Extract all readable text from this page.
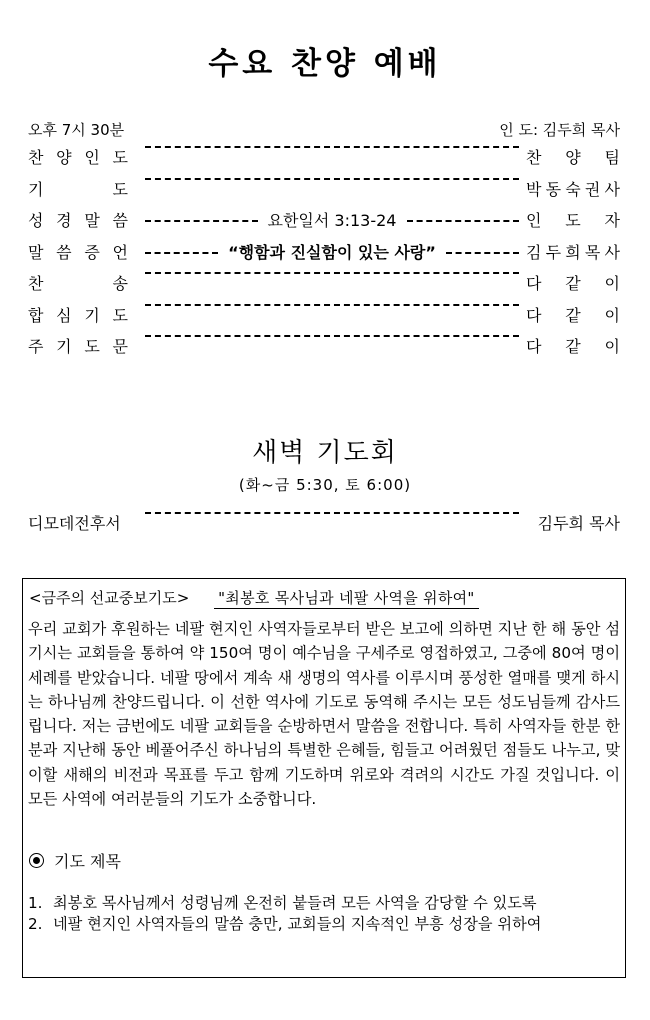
수요 찬양 예배
오후 7시 30분	인 도: 김두희 목사
찬 양 인 도	찬 양 팀
기	도	박 동 숙 권 사
성 경 말 씀	요한일서 3:13-24	인 도 자
말 씀 증 언	“행함과 진실함이 있는 사랑”	김 두 희 목 사
찬	송	다 같 이
합 심 기 도	다 같 이
주 기 도 문	다 같 이
새벽 기도회
(화~금 5:30, 토 6:00)
디모데전후서	김두희 목사
<금주의 선교중보기도> "최봉호 목사님과 네팔 사역을 위하여"
우리 교회가 후원하는 네팔 현지인 사역자들로부터 받은 보고에 의하면 지난 한 해 동안 섬기시는 교회들을 통하여 약 150여 명이 예수님을 구세주로 영접하였고, 그중에 80여 명이 세례를 받았습니다. 네팔 땅에서 계속 새 생명의 역사를 이루시며 풍성한 열매를 맺게 하시는 하나님께 찬양드립니다. 이 선한 역사에 기도로 동역해 주시는 모든 성도님들께 감사드립니다. 저는 금번에도 네팔 교회들을 순방하면서 말씀을 전합니다. 특히 사역자들 한분 한분과 지난해 동안 베풀어주신 하나님의 특별한 은혜들, 힘들고 어려웠던 점들도 나누고, 맞이할 새해의 비전과 목표를 두고 함께 기도하며 위로와 격려의 시간도 가질 것입니다. 이 모든 사역에 여러분들의 기도가 소중합니다.
기도 제목
1. 최봉호 목사님께서 성령님께 온전히 붙들려 모든 사역을 감당할 수 있도록
2. 네팔 현지인 사역자들의 말씀 충만, 교회들의 지속적인 부흥 성장을 위하여
